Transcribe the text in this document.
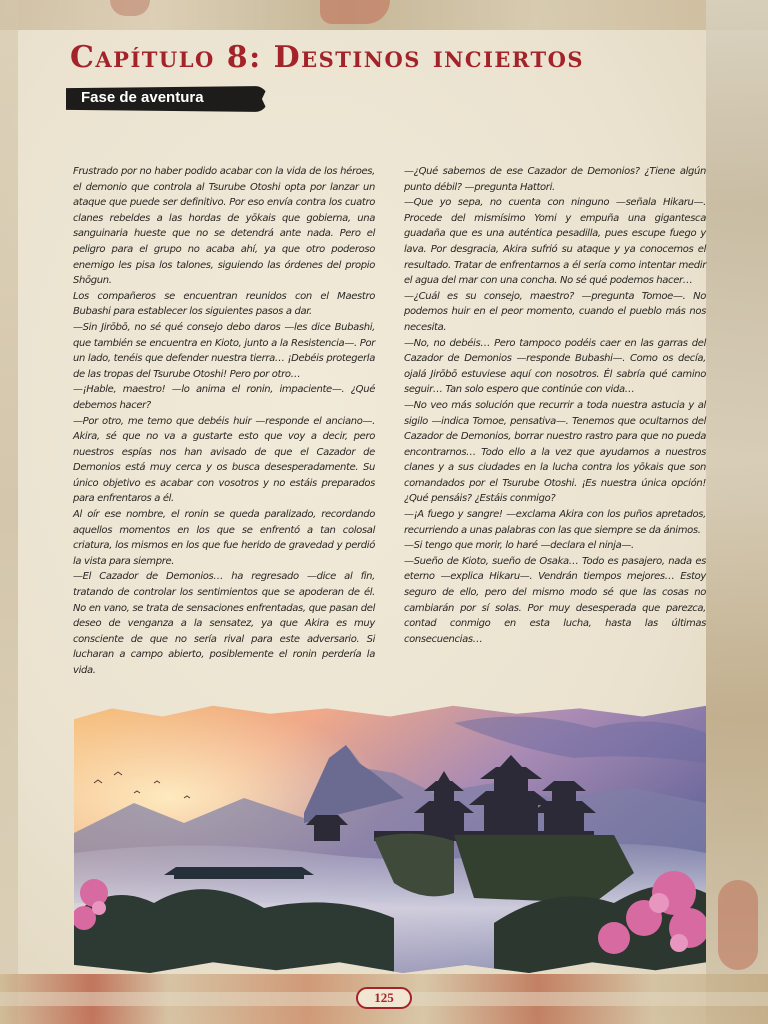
Capítulo 8: Destinos inciertos
Fase de aventura

Frustrado por no haber podido acabar con la vida de los héroes, el demonio que controla al Tsurube Otoshi opta por lanzar un ataque que puede ser definitivo. Por eso envía contra los cuatro clanes rebeldes a las hordas de yōkais que gobierna, una sanguinaria hueste que no se detendrá ante nada. Pero el peligro para el grupo no acaba ahí, ya que otro poderoso enemigo les pisa los talones, siguiendo las órdenes del propio Shōgun.

Los compañeros se encuentran reunidos con el Maestro Bubashi para establecer los siguientes pasos a dar.

—Sin Jirōbō, no sé qué consejo debo daros —les dice Bubashi, que también se encuentra en Kioto, junto a la Resistencia—. Por un lado, tenéis que defender nuestra tierra… ¡Debéis protegerla de las tropas del Tsurube Otoshi! Pero por otro…

—¡Hable, maestro! —lo anima el ronin, impaciente—. ¿Qué debemos hacer?

—Por otro, me temo que debéis huir —responde el anciano—. Akira, sé que no va a gustarte esto que voy a decir, pero nuestros espías nos han avisado de que el Cazador de Demonios está muy cerca y os busca desesperadamente. Su único objetivo es acabar con vosotros y no estáis preparados para enfrentaros a él.

Al oír ese nombre, el ronin se queda paralizado, recordando aquellos momentos en los que se enfrentó a tan colosal criatura, los mismos en los que fue herido de gravedad y perdió la vista para siempre.

—El Cazador de Demonios… ha regresado —dice al fin, tratando de controlar los sentimientos que se apoderan de él. No en vano, se trata de sensaciones enfrentadas, que pasan del deseo de venganza a la sensatez, ya que Akira es muy consciente de que no sería rival para este adversario. Si lucharan a campo abierto, posiblemente el ronin perdería la vida.

—¿Qué sabemos de ese Cazador de Demonios? ¿Tiene algún punto débil? —pregunta Hattori.

—Que yo sepa, no cuenta con ninguno —señala Hikaru—. Procede del mismísimo Yomi y empuña una gigantesca guadaña que es una auténtica pesadilla, pues escupe fuego y lava. Por desgracia, Akira sufrió su ataque y ya conocemos el resultado. Tratar de enfrentarnos a él sería como intentar medir el agua del mar con una concha. No sé qué podemos hacer…

—¿Cuál es su consejo, maestro? —pregunta Tomoe—. No podemos huir en el peor momento, cuando el pueblo más nos necesita.

—No, no debéis… Pero tampoco podéis caer en las garras del Cazador de Demonios —responde Bubashi—. Como os decía, ojalá Jirōbō estuviese aquí con nosotros. Él sabría qué camino seguir… Tan solo espero que continúe con vida…

—No veo más solución que recurrir a toda nuestra astucia y al sigilo —indica Tomoe, pensativa—. Tenemos que ocultarnos del Cazador de Demonios, borrar nuestro rastro para que no pueda encontrarnos… Todo ello a la vez que ayudamos a nuestros clanes y a sus ciudades en la lucha contra los yōkais que son comandados por el Tsurube Otoshi. ¡Es nuestra única opción! ¿Qué pensáis? ¿Estáis conmigo?

—¡A fuego y sangre! —exclama Akira con los puños apretados, recurriendo a unas palabras con las que siempre se da ánimos.

—Si tengo que morir, lo haré —declara el ninja—.

—Sueño de Kioto, sueño de Osaka… Todo es pasajero, nada es eterno —explica Hikaru—. Vendrán tiempos mejores… Estoy seguro de ello, pero del mismo modo sé que las cosas no cambiarán por sí solas. Por muy desesperada que parezca, contad conmigo en esta lucha, hasta las últimas consecuencias…

125
